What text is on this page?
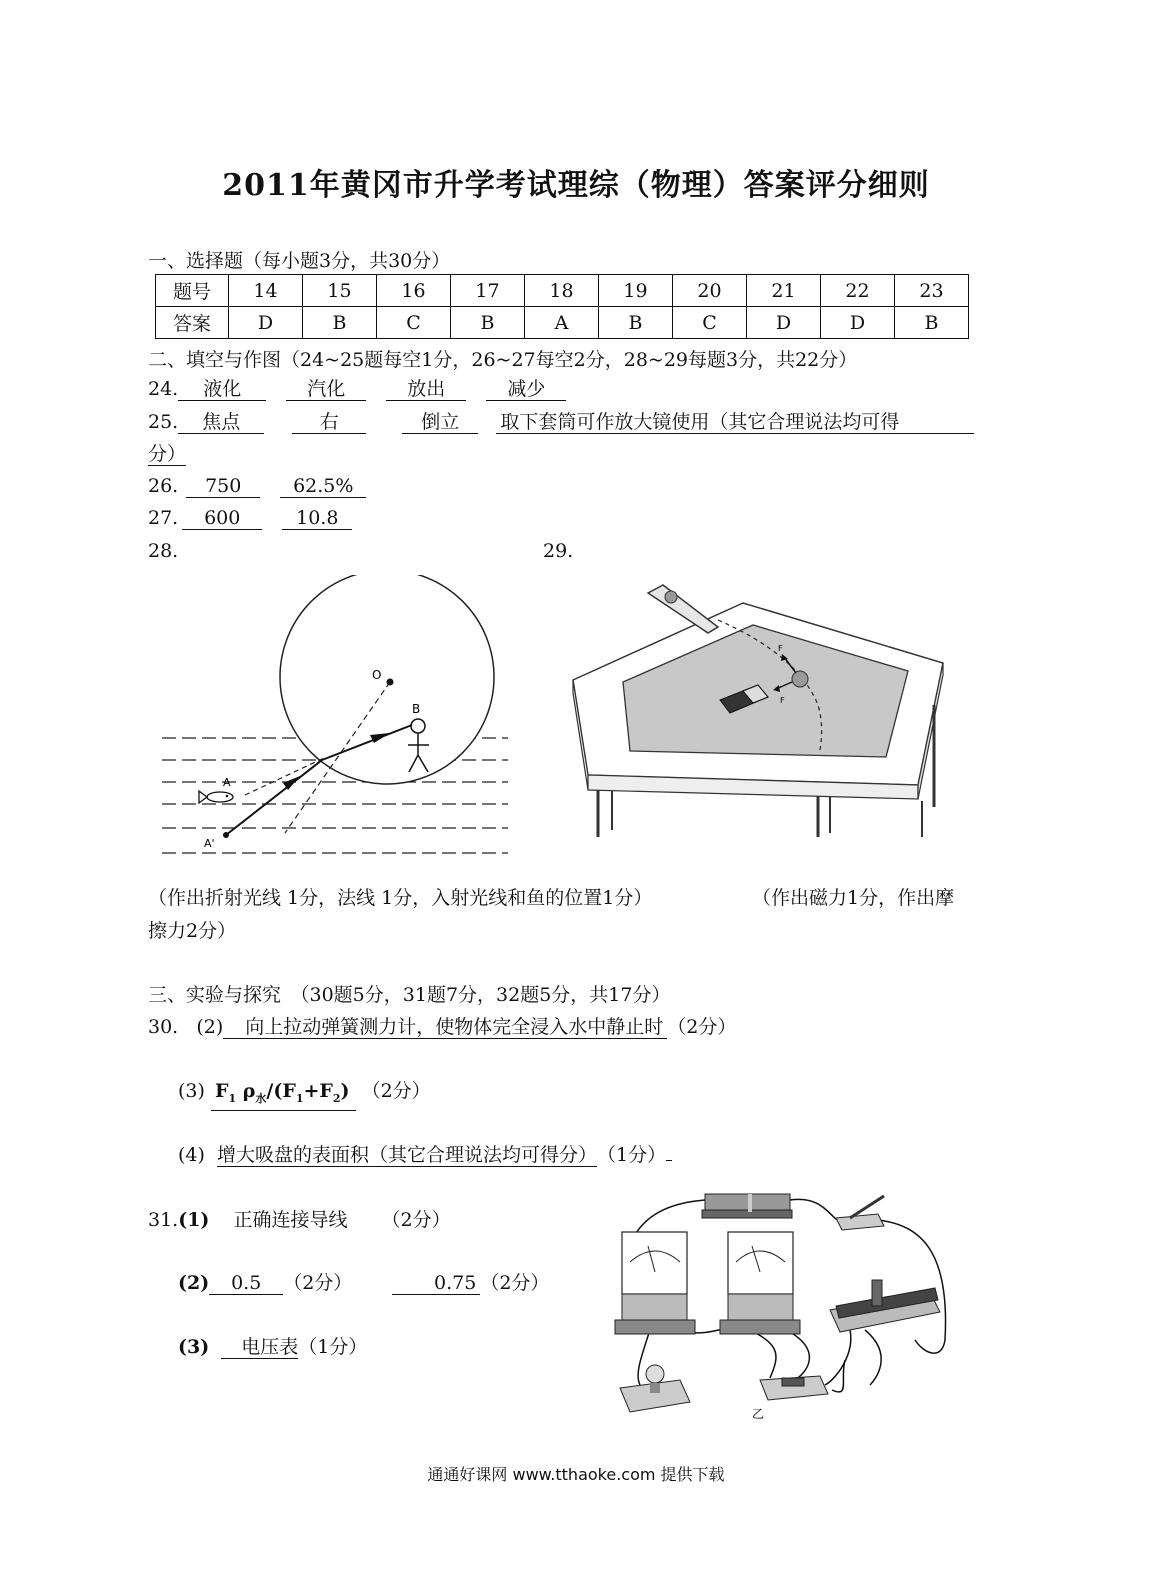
2011年黄冈市升学考试理综（物理）答案评分细则
一、选择题（每小题3分，共30分）
题号	14	15	16	17	18	19	20	21	22	23
答案	D	B	C	B	A	B	C	D	D	B
二、填空与作图（24~25题每空1分，26~27每空2分，28~29每题3分，共22分）
24. 液化	汽化	放出	减少
25. 焦点	右	倒立 取下套筒可作放大镜使用（其它合理说法均可得
分）
26. 750	62.5%
27. 600	10.8
28.	29.
O
B
A
A'
F
F
（作出折射光线 1分，法线 1分，入射光线和鱼的位置1分）	（作出磁力1分，作出摩
擦力2分）
三、实验与探究　（30题5分，31题7分，32题5分，共17分）
30. (2) 向上拉动弹簧测力计，使物体完全浸入水中静止时 （2分）
(3) $F_1$ $\rho_水/(F_1+F_2)$ （2分）
(4) 增大吸盘的表面积（其它合理说法均可得分）（1分）
31.(1) 正确连接导线 （2分）
(2) 0.5 （2分）	0.75 （2分）
(3) 电压表（1分）
乙
通通好课网 www.tthaoke.com 提供下载
